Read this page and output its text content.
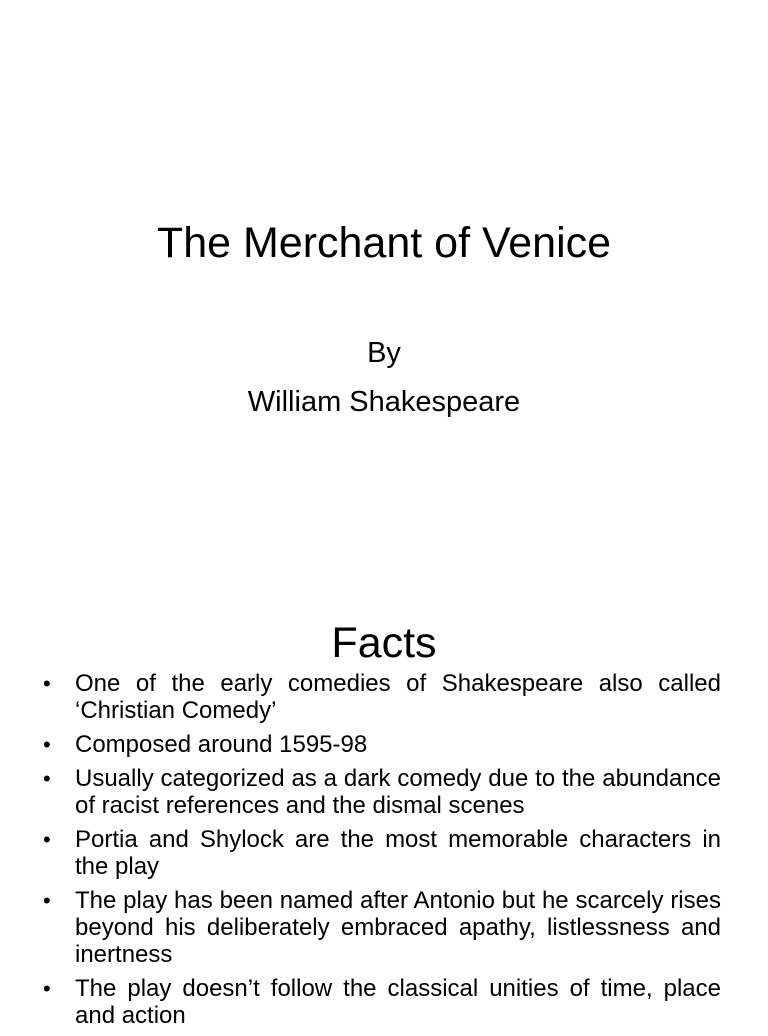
The Merchant of Venice

By

William Shakespeare

Facts
• One of the early comedies of Shakespeare also called ‘Christian Comedy’
• Composed around 1595-98
• Usually categorized as a dark comedy due to the abundance of racist references and the dismal scenes
• Portia and Shylock are the most memorable characters in the play
• The play has been named after Antonio but he scarcely rises beyond his deliberately embraced apathy, listlessness and inertness
• The play doesn’t follow the classical unities of time, place and action
